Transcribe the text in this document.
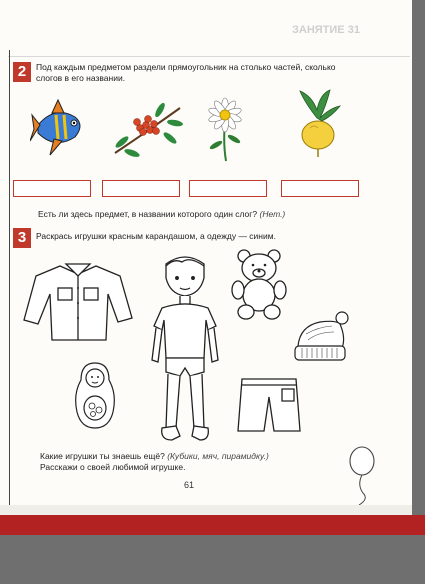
ЗАНЯТИЕ 31
2	Под каждым предметом раздели прямоугольник на столько частей, сколько слогов в его названии.
Есть ли здесь предмет, в названии которого один слог? (Нет.)
3	Раскрась игрушки красным карандашом, а одежду — синим.
Какие игрушки ты знаешь ещё? (Кубики, мяч, пирамидку.)
Расскажи о своей любимой игрушке.
61
